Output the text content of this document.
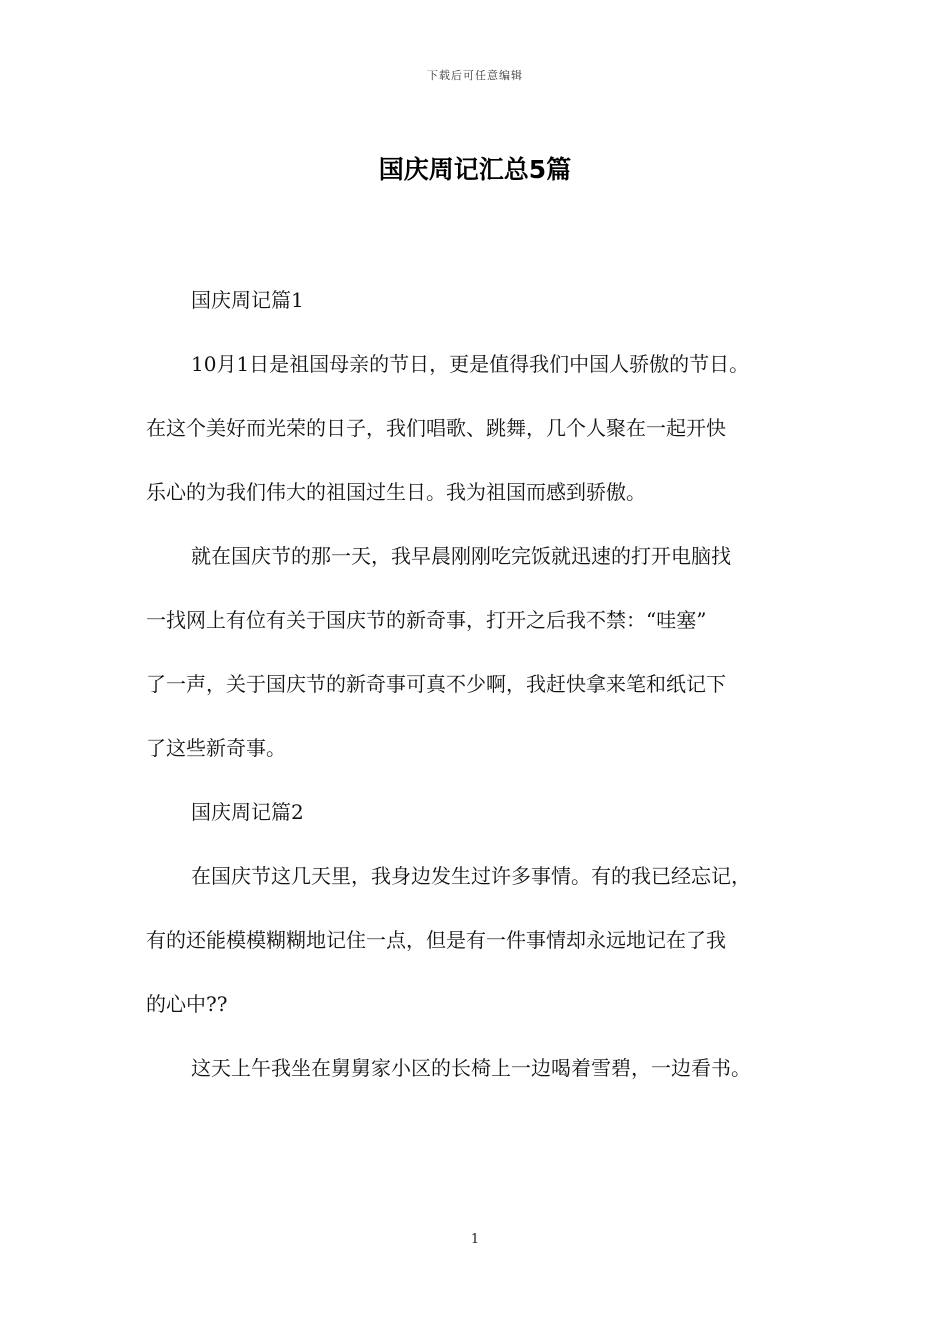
下载后可任意编辑
国庆周记汇总5篇

国庆周记篇1

10月1日是祖国母亲的节日，更是值得我们中国人骄傲的节日。

在这个美好而光荣的日子，我们唱歌、跳舞，几个人聚在一起开快

乐心的为我们伟大的祖国过生日。我为祖国而感到骄傲。

就在国庆节的那一天，我早晨刚刚吃完饭就迅速的打开电脑找

一找网上有位有关于国庆节的新奇事，打开之后我不禁：“哇塞”

了一声，关于国庆节的新奇事可真不少啊，我赶快拿来笔和纸记下

了这些新奇事。

国庆周记篇2

在国庆节这几天里，我身边发生过许多事情。有的我已经忘记，

有的还能模模糊糊地记住一点，但是有一件事情却永远地记在了我

的心中??

这天上午我坐在舅舅家小区的长椅上一边喝着雪碧，一边看书。

1
